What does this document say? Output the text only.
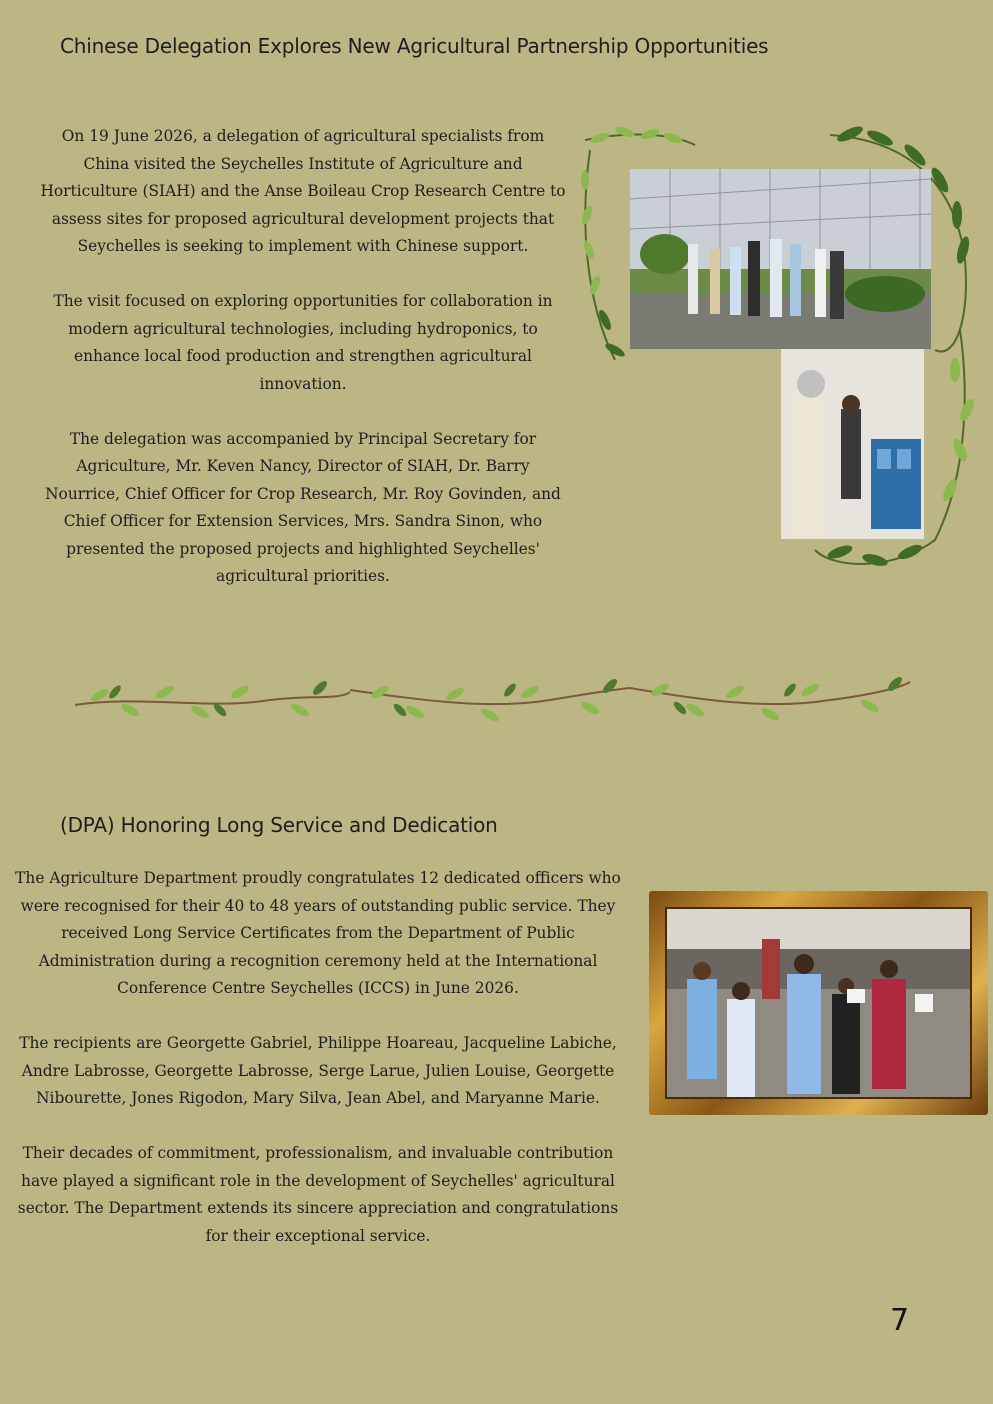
Chinese Delegation Explores New Agricultural Partnership Opportunities

On 19 June 2026, a delegation of agricultural specialists from China visited the Seychelles Institute of Agriculture and Horticulture (SIAH) and the Anse Boileau Crop Research Centre to assess sites for proposed agricultural development projects that Seychelles is seeking to implement with Chinese support.

The visit focused on exploring opportunities for collaboration in modern agricultural technologies, including hydroponics, to enhance local food production and strengthen agricultural innovation.

The delegation was accompanied by Principal Secretary for Agriculture, Mr. Keven Nancy, Director of SIAH, Dr. Barry Nourrice, Chief Officer for Crop Research, Mr. Roy Govinden, and Chief Officer for Extension Services, Mrs. Sandra Sinon, who presented the proposed projects and highlighted Seychelles' agricultural priorities.

(DPA) Honoring Long Service and Dedication

The Agriculture Department proudly congratulates 12 dedicated officers who were recognised for their 40 to 48 years of outstanding public service. They received Long Service Certificates from the Department of Public Administration during a recognition ceremony held at the International Conference Centre Seychelles (ICCS) in June 2026.

The recipients are Georgette Gabriel, Philippe Hoareau, Jacqueline Labiche, Andre Labrosse, Georgette Labrosse, Serge Larue, Julien Louise, Georgette Nibourette, Jones Rigodon, Mary Silva, Jean Abel, and Maryanne Marie.

Their decades of commitment, professionalism, and invaluable contribution have played a significant role in the development of Seychelles' agricultural sector. The Department extends its sincere appreciation and congratulations for their exceptional service.

7
